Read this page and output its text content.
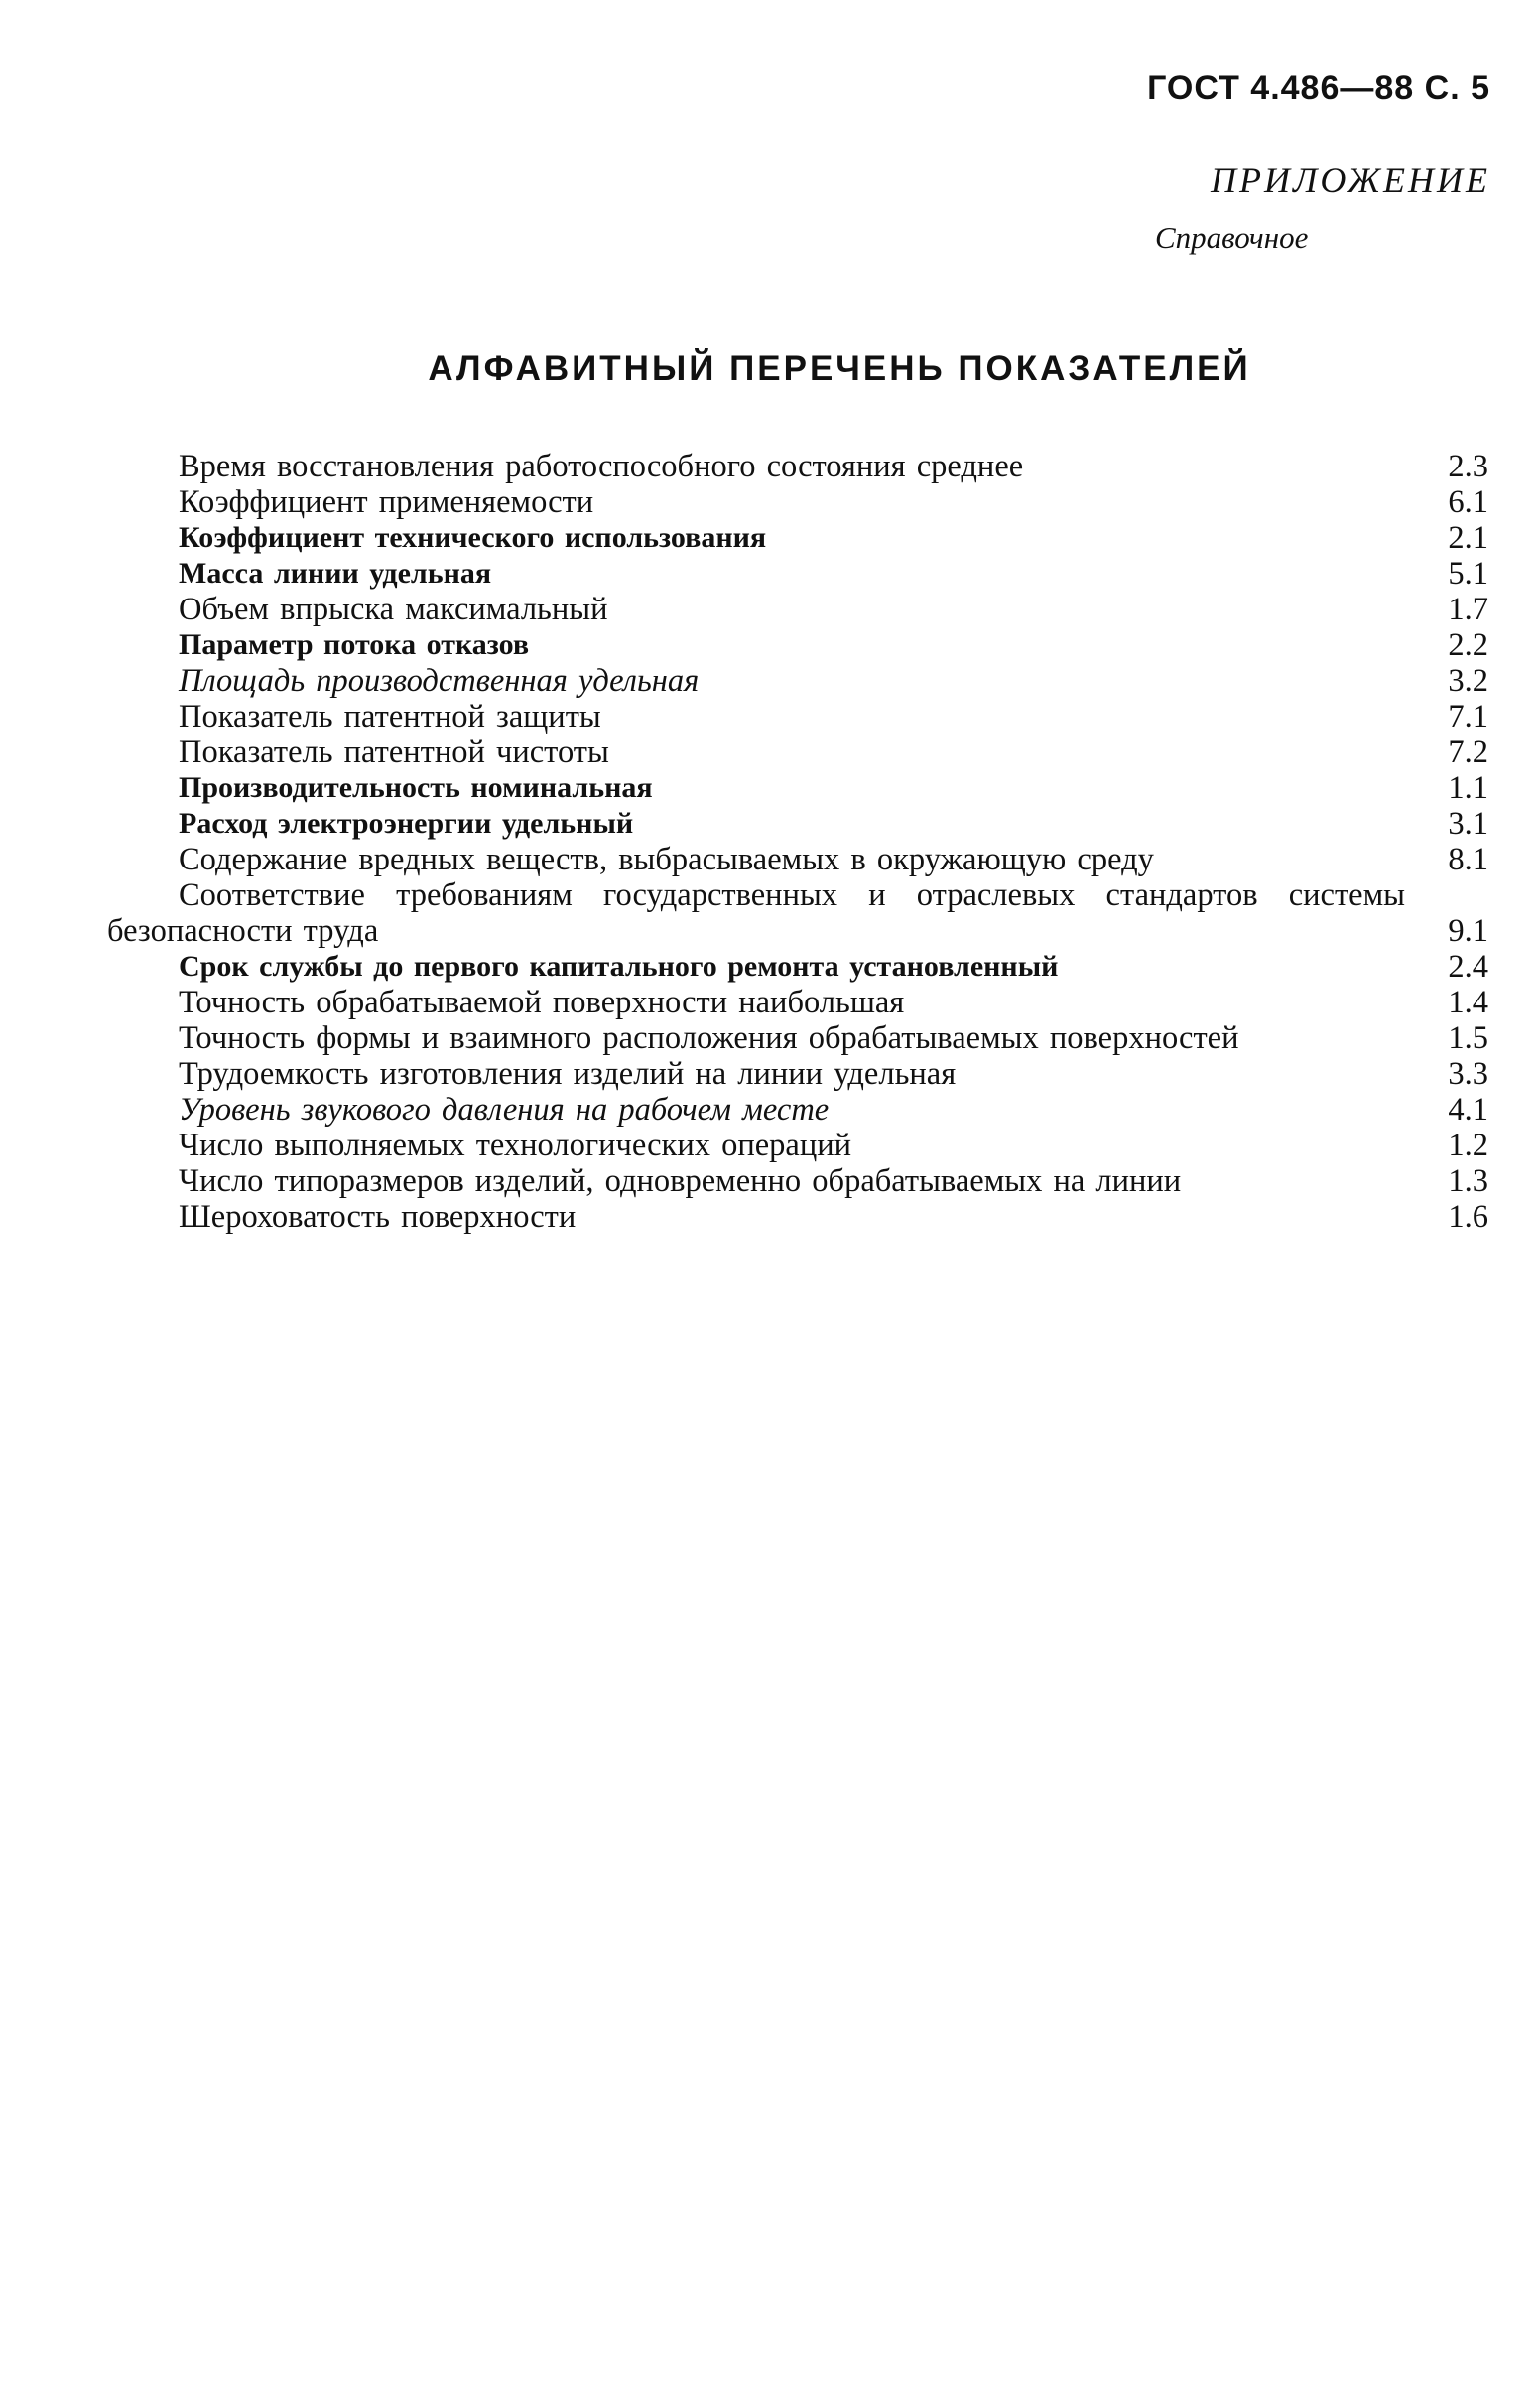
ГОСТ 4.486—88 С. 5
ПРИЛОЖЕНИЕ
Справочное
АЛФАВИТНЫЙ ПЕРЕЧЕНЬ ПОКАЗАТЕЛЕЙ
Время восстановления работоспособного состояния среднее	2.3
Коэффициент применяемости	6.1
Коэффициент технического использования	2.1
Масса линии удельная	5.1
Объем впрыска максимальный	1.7
Параметр потока отказов	2.2
Площадь производственная удельная	3.2
Показатель патентной защиты	7.1
Показатель патентной чистоты	7.2
Производительность номинальная	1.1
Расход электроэнергии удельный	3.1
Содержание вредных веществ, выбрасываемых в окружающую среду	8.1
Соответствие требованиям государственных и отраслевых стандартов системы безопасности труда	9.1
Срок службы до первого капитального ремонта установленный	2.4
Точность обрабатываемой поверхности наибольшая	1.4
Точность формы и взаимного расположения обрабатываемых поверхностей	1.5
Трудоемкость изготовления изделий на линии удельная	3.3
Уровень звукового давления на рабочем месте	4.1
Число выполняемых технологических операций	1.2
Число типоразмеров изделий, одновременно обрабатываемых на линии	1.3
Шероховатость поверхности	1.6
